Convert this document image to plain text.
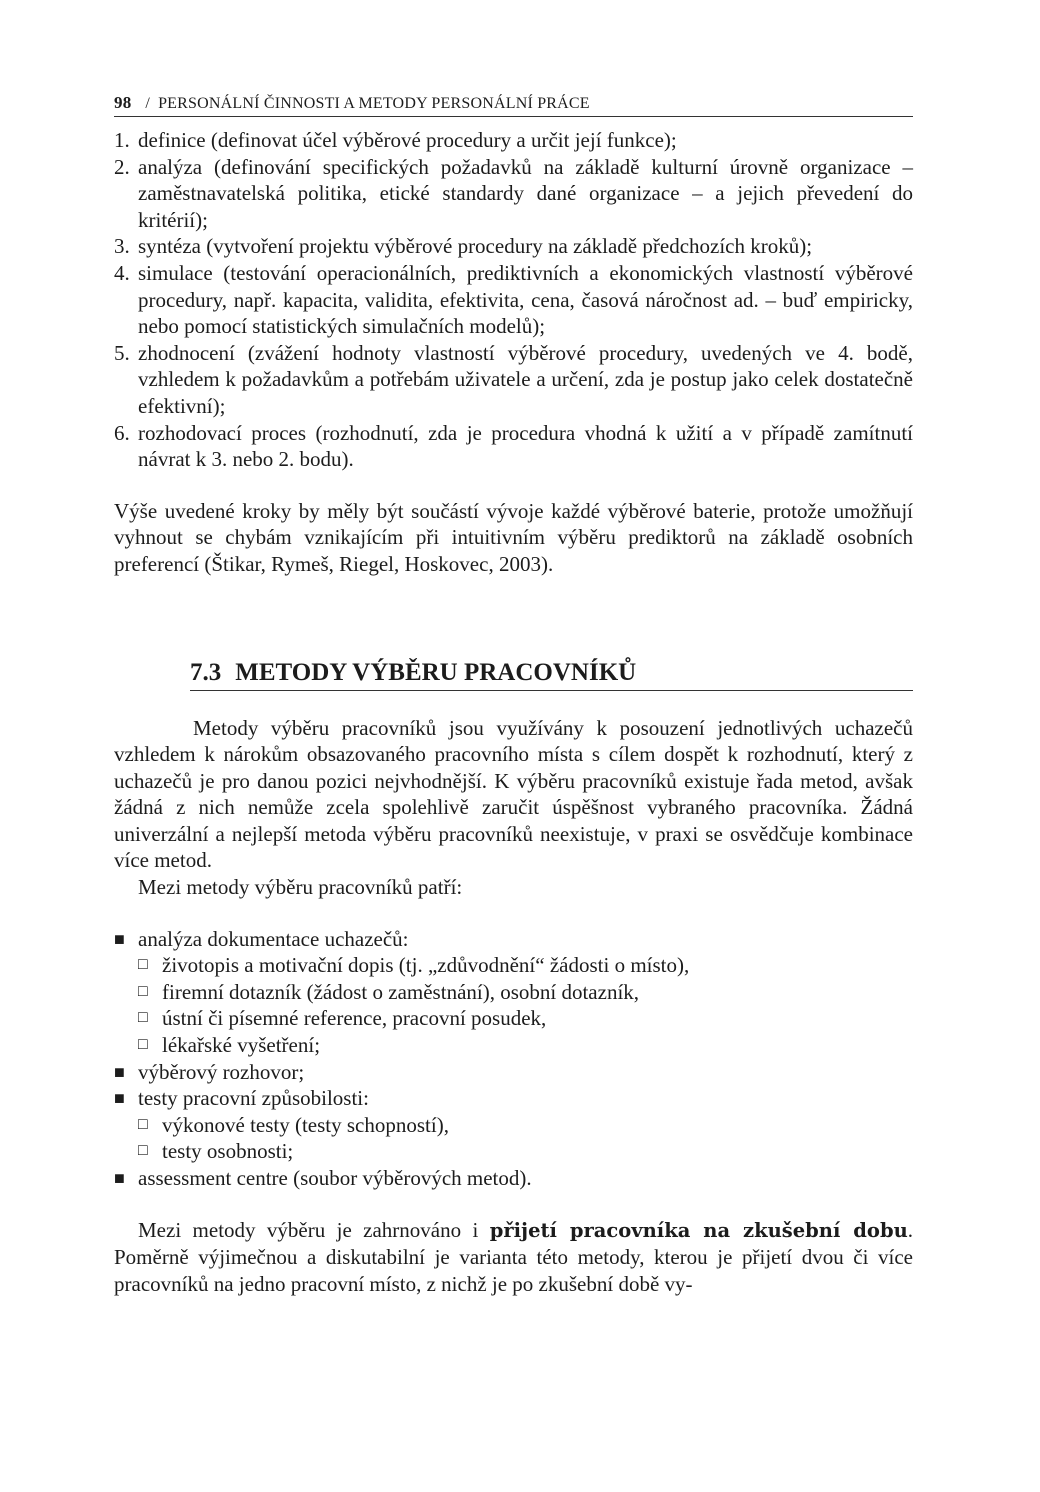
98 / PERSONÁLNÍ ČINNOSTI A METODY PERSONÁLNÍ PRÁCE
1. definice (definovat účel výběrové procedury a určit její funkce);
2. analýza (definování specifických požadavků na základě kulturní úrovně organizace – zaměstnavatelská politika, etické standardy dané organizace – a jejich převedení do kritérií);
3. syntéza (vytvoření projektu výběrové procedury na základě předchozích kroků);
4. simulace (testování operacionálních, prediktivních a ekonomických vlastností výběrové procedury, např. kapacita, validita, efektivita, cena, časová náročnost ad. – buď empiricky, nebo pomocí statistických simulačních modelů);
5. zhodnocení (zvážení hodnoty vlastností výběrové procedury, uvedených ve 4. bodě, vzhledem k požadavkům a potřebám uživatele a určení, zda je postup jako celek dostatečně efektivní);
6. rozhodovací proces (rozhodnutí, zda je procedura vhodná k užití a v případě zamítnutí návrat k 3. nebo 2. bodu).

Výše uvedené kroky by měly být součástí vývoje každé výběrové baterie, protože umožňují vyhnout se chybám vznikajícím při intuitivním výběru prediktorů na základě osobních preferencí (Štikar, Rymeš, Riegel, Hoskovec, 2003).

7.3 METODY VÝBĚRU PRACOVNÍKŮ

Metody výběru pracovníků jsou využívány k posouzení jednotlivých uchazečů vzhledem k nárokům obsazovaného pracovního místa s cílem dospět k rozhodnutí, který z uchazečů je pro danou pozici nejvhodnější. K výběru pracovníků existuje řada metod, avšak žádná z nich nemůže zcela spolehlivě zaručit úspěšnost vybraného pracovníka. Žádná univerzální a nejlepší metoda výběru pracovníků neexistuje, v praxi se osvědčuje kombinace více metod.

Mezi metody výběru pracovníků patří:

■ analýza dokumentace uchazečů:
□ životopis a motivační dopis (tj. „zdůvodnění“ žádosti o místo),
□ firemní dotazník (žádost o zaměstnání), osobní dotazník,
□ ústní či písemné reference, pracovní posudek,
□ lékařské vyšetření;
■ výběrový rozhovor;
■ testy pracovní způsobilosti:
□ výkonové testy (testy schopností),
□ testy osobnosti;
■ assessment centre (soubor výběrových metod).

Mezi metody výběru je zahrnováno i přijetí pracovníka na zkušební dobu. Poměrně výjimečnou a diskutabilní je varianta této metody, kterou je přijetí dvou či více pracovníků na jedno pracovní místo, z nichž je po zkušební době vy-
